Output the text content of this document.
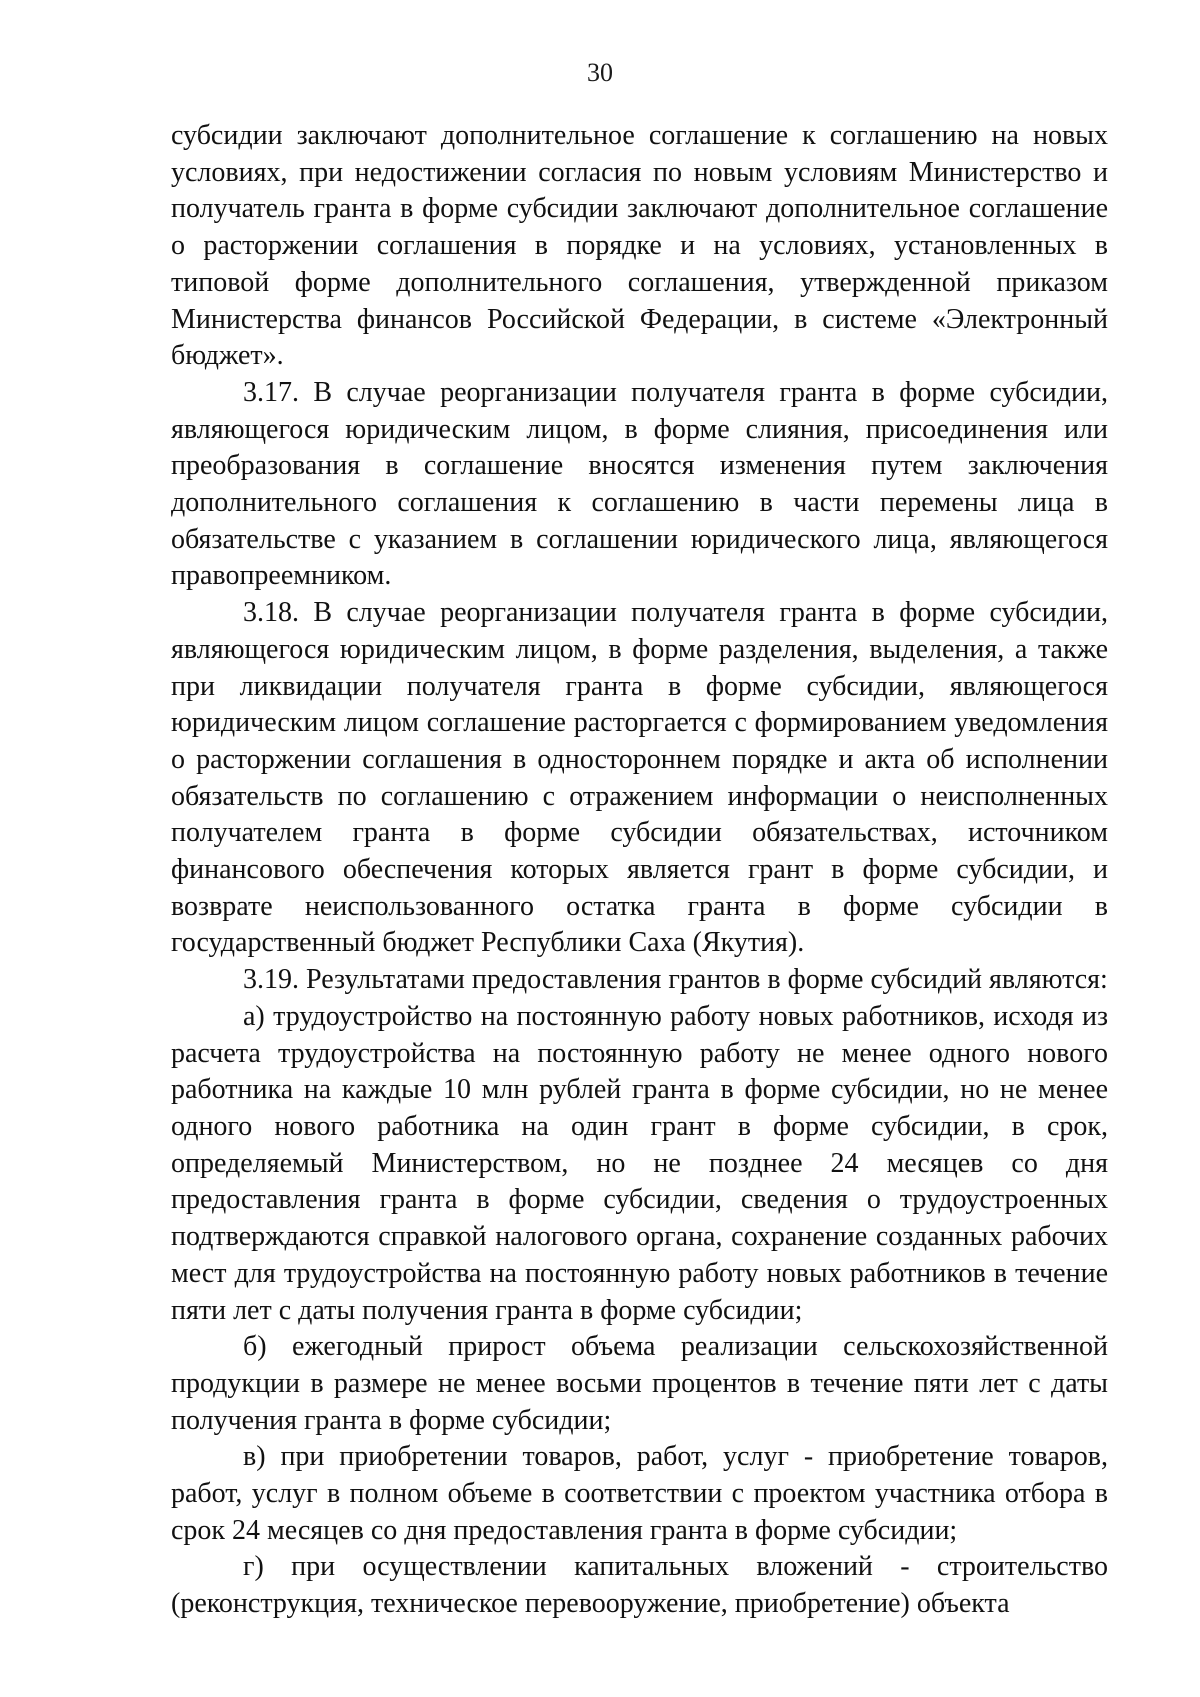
30

субсидии заключают дополнительное соглашение к соглашению на новых условиях, при недостижении согласия по новым условиям Министерство и получатель гранта в форме субсидии заключают дополнительное соглашение о расторжении соглашения в порядке и на условиях, установленных в типовой форме дополнительного соглашения, утвержденной приказом Министерства финансов Российской Федерации, в системе «Электронный бюджет».

3.17. В случае реорганизации получателя гранта в форме субсидии, являющегося юридическим лицом, в форме слияния, присоединения или преобразования в соглашение вносятся изменения путем заключения дополнительного соглашения к соглашению в части перемены лица в обязательстве с указанием в соглашении юридического лица, являющегося правопреемником.

3.18. В случае реорганизации получателя гранта в форме субсидии, являющегося юридическим лицом, в форме разделения, выделения, а также при ликвидации получателя гранта в форме субсидии, являющегося юридическим лицом соглашение расторгается с формированием уведомления о расторжении соглашения в одностороннем порядке и акта об исполнении обязательств по соглашению с отражением информации о неисполненных получателем гранта в форме субсидии обязательствах, источником финансового обеспечения которых является грант в форме субсидии, и возврате неиспользованного остатка гранта в форме субсидии в государственный бюджет Республики Саха (Якутия).

3.19. Результатами предоставления грантов в форме субсидий являются:

а) трудоустройство на постоянную работу новых работников, исходя из расчета трудоустройства на постоянную работу не менее одного нового работника на каждые 10 млн рублей гранта в форме субсидии, но не менее одного нового работника на один грант в форме субсидии, в срок, определяемый Министерством, но не позднее 24 месяцев со дня предоставления гранта в форме субсидии, сведения о трудоустроенных подтверждаются справкой налогового органа, сохранение созданных рабочих мест для трудоустройства на постоянную работу новых работников в течение пяти лет с даты получения гранта в форме субсидии;

б) ежегодный прирост объема реализации сельскохозяйственной продукции в размере не менее восьми процентов в течение пяти лет с даты получения гранта в форме субсидии;

в) при приобретении товаров, работ, услуг - приобретение товаров, работ, услуг в полном объеме в соответствии с проектом участника отбора в срок 24 месяцев со дня предоставления гранта в форме субсидии;

г) при осуществлении капитальных вложений - строительство (реконструкция, техническое перевооружение, приобретение) объекта
